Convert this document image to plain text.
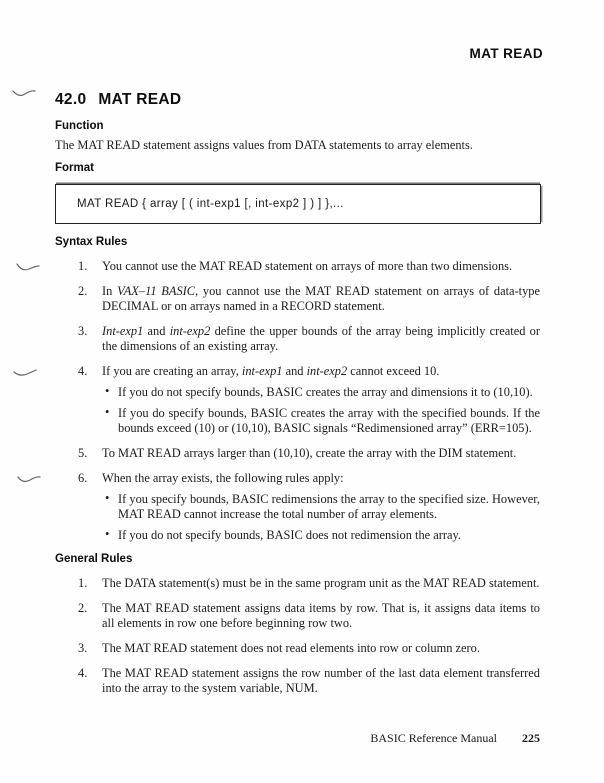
MAT READ
42.0 MAT READ
Function

The MAT READ statement assigns values from DATA statements to array elements.

Format
MAT READ { array [ ( int-exp1 [, int-exp2 ] ) ] },...
Syntax Rules
1.	You cannot use the MAT READ statement on arrays of more than two dimensions.

2.	In VAX–11 BASIC, you cannot use the MAT READ statement on arrays of data-type DECIMAL or on arrays named in a RECORD statement.

3.	Int-exp1 and int-exp2 define the upper bounds of the array being implicitly created or the dimensions of an existing array.

4.	If you are creating an array, int-exp1 and int-exp2 cannot exceed 10.

• If you do not specify bounds, BASIC creates the array and dimensions it to (10,10).

• If you do specify bounds, BASIC creates the array with the specified bounds. If the bounds exceed (10) or (10,10), BASIC signals “Redimensioned array” (ERR=105).

5.	To MAT READ arrays larger than (10,10), create the array with the DIM statement.

6.	When the array exists, the following rules apply:

• If you specify bounds, BASIC redimensions the array to the specified size. However, MAT READ cannot increase the total number of array elements.

• If you do not specify bounds, BASIC does not redimension the array.

General Rules
1.	The DATA statement(s) must be in the same program unit as the MAT READ statement.

2.	The MAT READ statement assigns data items by row. That is, it assigns data items to all elements in row one before beginning row two.

3.	The MAT READ statement does not read elements into row or column zero.

4.	The MAT READ statement assigns the row number of the last data element transferred into the array to the system variable, NUM.

BASIC Reference Manual 225
